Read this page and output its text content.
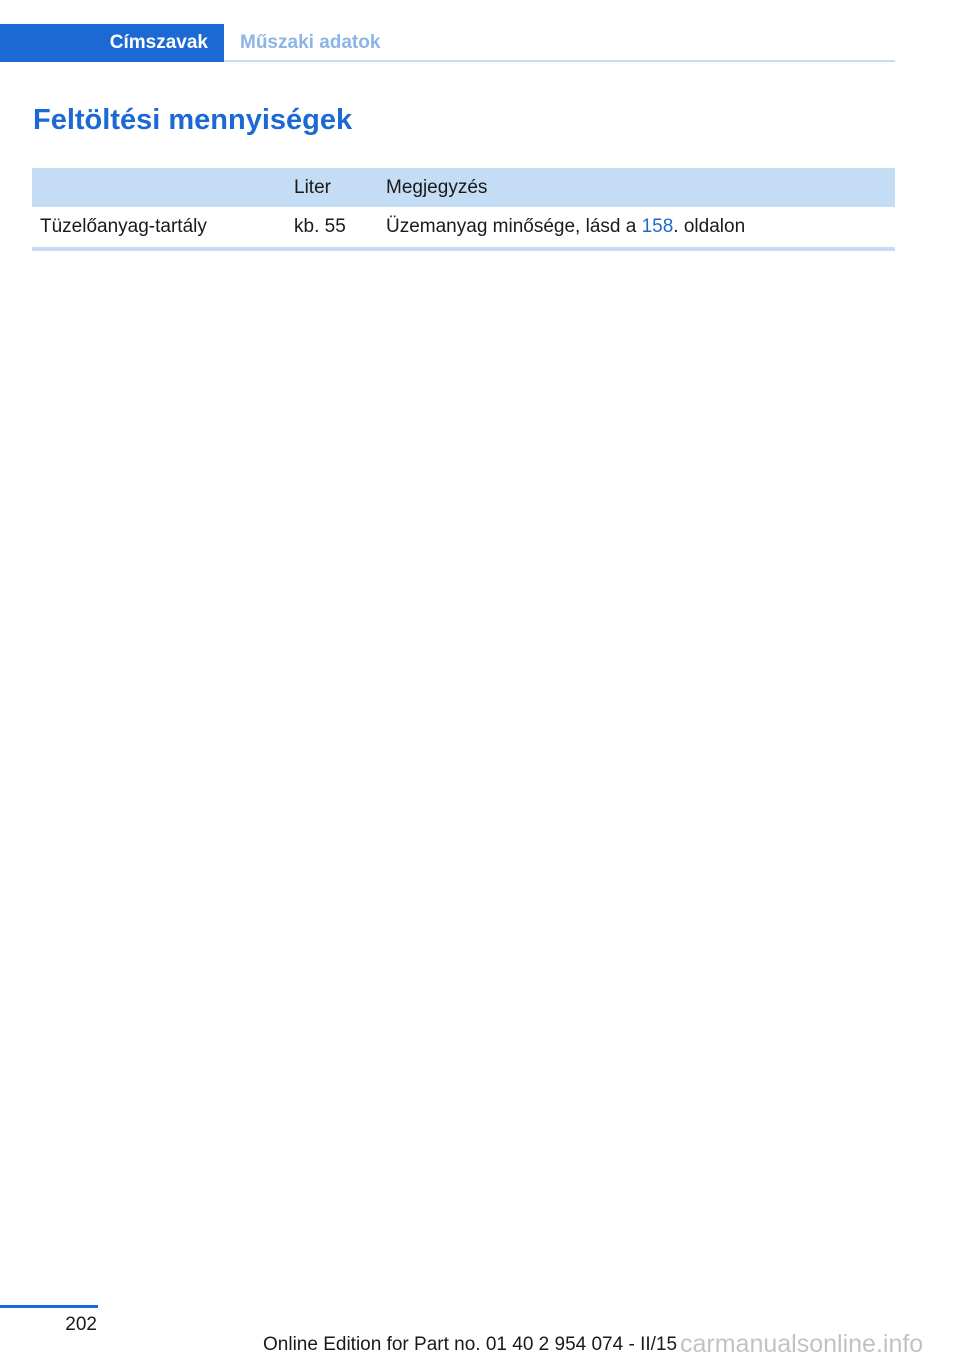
Címszavak	Műszaki adatok
Feltöltési mennyiségek
	Liter	Megjegyzés
Tüzelőanyag-tartály	kb. 55	Üzemanyag minősége, lásd a 158. oldalon
202
Online Edition for Part no. 01 40 2 954 074 - II/15 carmanualsonline.info
